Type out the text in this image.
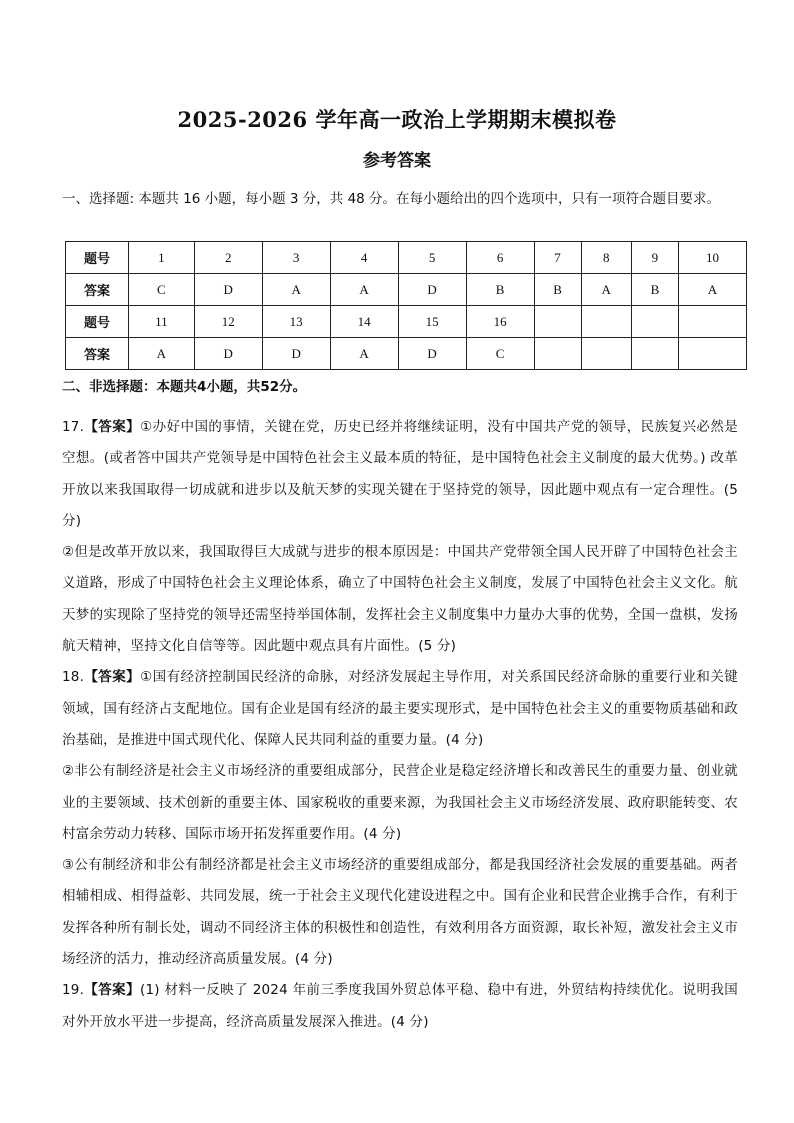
2025-2026 学年高一政治上学期期末模拟卷
参考答案
一、选择题: 本题共 16 小题，每小题 3 分，共 48 分。在每小题给出的四个选项中，只有一项符合题目要求。
题号	1	2	3	4	5	6	7	8	9	10
答案	C	D	A	A	D	B	B	A	B	A
题号	11	12	13	14	15	16				
答案	A	D	D	A	D	C				
二、非选择题：本题共4小题，共52分。

17.【答案】①办好中国的事情，关键在党，历史已经并将继续证明，没有中国共产党的领导，民族复兴必然是空想。(或者答中国共产党领导是中国特色社会主义最本质的特征，是中国特色社会主义制度的最大优势。) 改革开放以来我国取得一切成就和进步以及航天梦的实现关键在于坚持党的领导，因此题中观点有一定合理性。(5 分)

②但是改革开放以来，我国取得巨大成就与进步的根本原因是：中国共产党带领全国人民开辟了中国特色社会主义道路，形成了中国特色社会主义理论体系，确立了中国特色社会主义制度，发展了中国特色社会主义文化。航天梦的实现除了坚持党的领导还需坚持举国体制，发挥社会主义制度集中力量办大事的优势，全国一盘棋，发扬航天精神，坚持文化自信等等。因此题中观点具有片面性。(5 分)

18.【答案】①国有经济控制国民经济的命脉，对经济发展起主导作用，对关系国民经济命脉的重要行业和关键领域，国有经济占支配地位。国有企业是国有经济的最主要实现形式，是中国特色社会主义的重要物质基础和政治基础，是推进中国式现代化、保障人民共同利益的重要力量。(4 分)

②非公有制经济是社会主义市场经济的重要组成部分，民营企业是稳定经济增长和改善民生的重要力量、创业就业的主要领域、技术创新的重要主体、国家税收的重要来源，为我国社会主义市场经济发展、政府职能转变、农村富余劳动力转移、国际市场开拓发挥重要作用。(4 分)

③公有制经济和非公有制经济都是社会主义市场经济的重要组成部分，都是我国经济社会发展的重要基础。两者相辅相成、相得益彰、共同发展，统一于社会主义现代化建设进程之中。国有企业和民营企业携手合作，有利于发挥各种所有制长处，调动不同经济主体的积极性和创造性，有效利用各方面资源，取长补短，激发社会主义市场经济的活力，推动经济高质量发展。(4 分)

19.【答案】(1) 材料一反映了 2024 年前三季度我国外贸总体平稳、稳中有进，外贸结构持续优化。说明我国对外开放水平进一步提高，经济高质量发展深入推进。(4 分)
